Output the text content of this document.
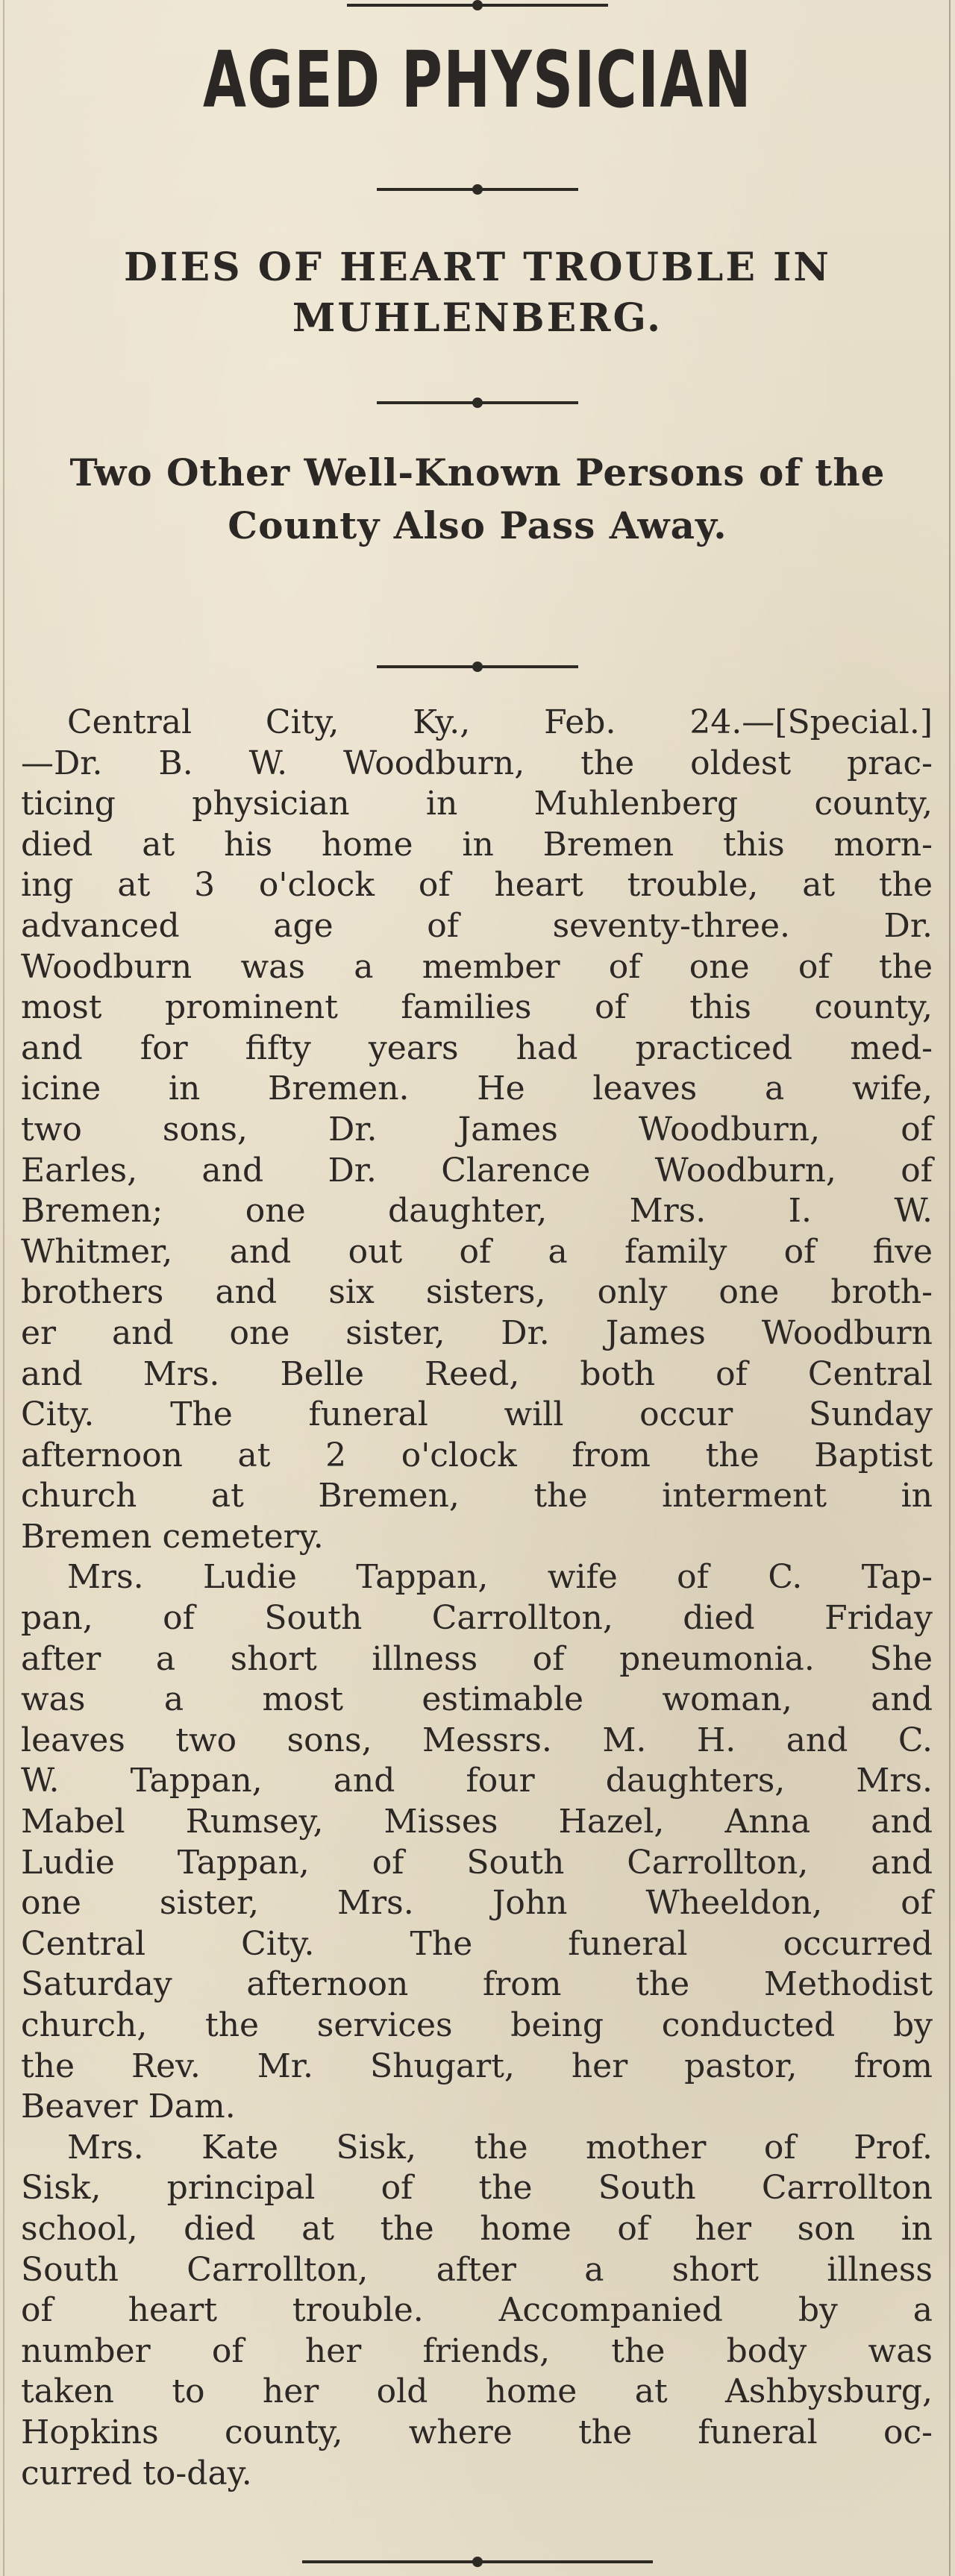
AGED PHYSICIAN
DIES OF HEART TROUBLE IN MUHLENBERG.
Two Other Well-Known Persons of the County Also Pass Away.
Central City, Ky., Feb. 24.—[Special.]
—Dr. B. W. Woodburn, the oldest prac-
ticing physician in Muhlenberg county,
died at his home in Bremen this morn-
ing at 3 o'clock of heart trouble, at the
advanced age of seventy-three. Dr.
Woodburn was a member of one of the
most prominent families of this county,
and for fifty years had practiced med-
icine in Bremen. He leaves a wife,
two sons, Dr. James Woodburn, of
Earles, and Dr. Clarence Woodburn, of
Bremen; one daughter, Mrs. I. W.
Whitmer, and out of a family of five
brothers and six sisters, only one broth-
er and one sister, Dr. James Woodburn
and Mrs. Belle Reed, both of Central
City. The funeral will occur Sunday
afternoon at 2 o'clock from the Baptist
church at Bremen, the interment in
Bremen cemetery.
Mrs. Ludie Tappan, wife of C. Tap-
pan, of South Carrollton, died Friday
after a short illness of pneumonia. She
was a most estimable woman, and
leaves two sons, Messrs. M. H. and C.
W. Tappan, and four daughters, Mrs.
Mabel Rumsey, Misses Hazel, Anna and
Ludie Tappan, of South Carrollton, and
one sister, Mrs. John Wheeldon, of
Central City. The funeral occurred
Saturday afternoon from the Methodist
church, the services being conducted by
the Rev. Mr. Shugart, her pastor, from
Beaver Dam.
Mrs. Kate Sisk, the mother of Prof.
Sisk, principal of the South Carrollton
school, died at the home of her son in
South Carrollton, after a short illness
of heart trouble. Accompanied by a
number of her friends, the body was
taken to her old home at Ashbysburg,
Hopkins county, where the funeral oc-
curred to-day.
